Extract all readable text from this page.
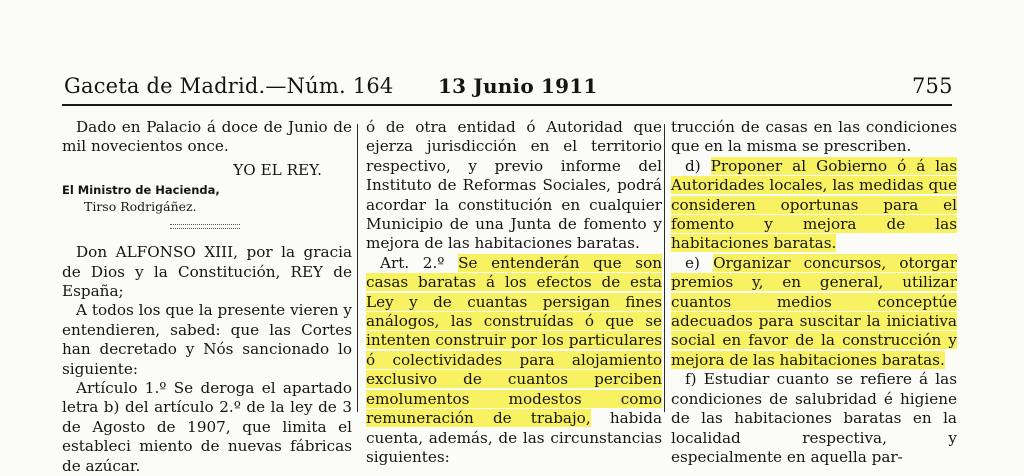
Gaceta de Madrid.—Núm. 164 13 Junio 1911	755

Dado en Palacio á doce de Junio de mil novecientos once.

YO EL REY.

El Ministro de Hacienda,

Tirso Rodrigáñez.

Don ALFONSO XIII, por la gracia de Dios y la Constitución, REY de España;

A todos los que la presente vieren y entendieren, sabed: que las Cortes han decretado y Nós sancionado lo siguiente:

Artículo 1.º Se deroga el apartado letra b) del artículo 2.º de la ley de 3 de Agosto de 1907, que limita el estableci miento de nuevas fábricas de azúcar.

ó de otra entidad ó Autoridad que ejerza jurisdicción en el territorio respectivo, y previo informe del Instituto de Reformas Sociales, podrá acordar la constitución en cualquier Municipio de una Junta de fomento y mejora de las habitaciones baratas.

Art. 2.º Se entenderán que son casas baratas á los efectos de esta Ley y de cuantas persigan fines análogos, las construídas ó que se intenten construir por los particulares ó colectividades para alojamiento exclusivo de cuantos perciben emolumentos modestos como remuneración de trabajo, habida cuenta, además, de las circunstancias siguientes:

trucción de casas en las condiciones que en la misma se prescriben.

d) Proponer al Gobierno ó á las Autoridades locales, las medidas que consideren oportunas para el fomento y mejora de las habitaciones baratas.

e) Organizar concursos, otorgar premios y, en general, utilizar cuantos medios conceptúe adecuados para suscitar la iniciativa social en favor de la construcción y mejora de las habitaciones baratas.

f) Estudiar cuanto se refiere á las condiciones de salubridad é higiene de las habitaciones baratas en la localidad respectiva, y especialmente en aquella par-
